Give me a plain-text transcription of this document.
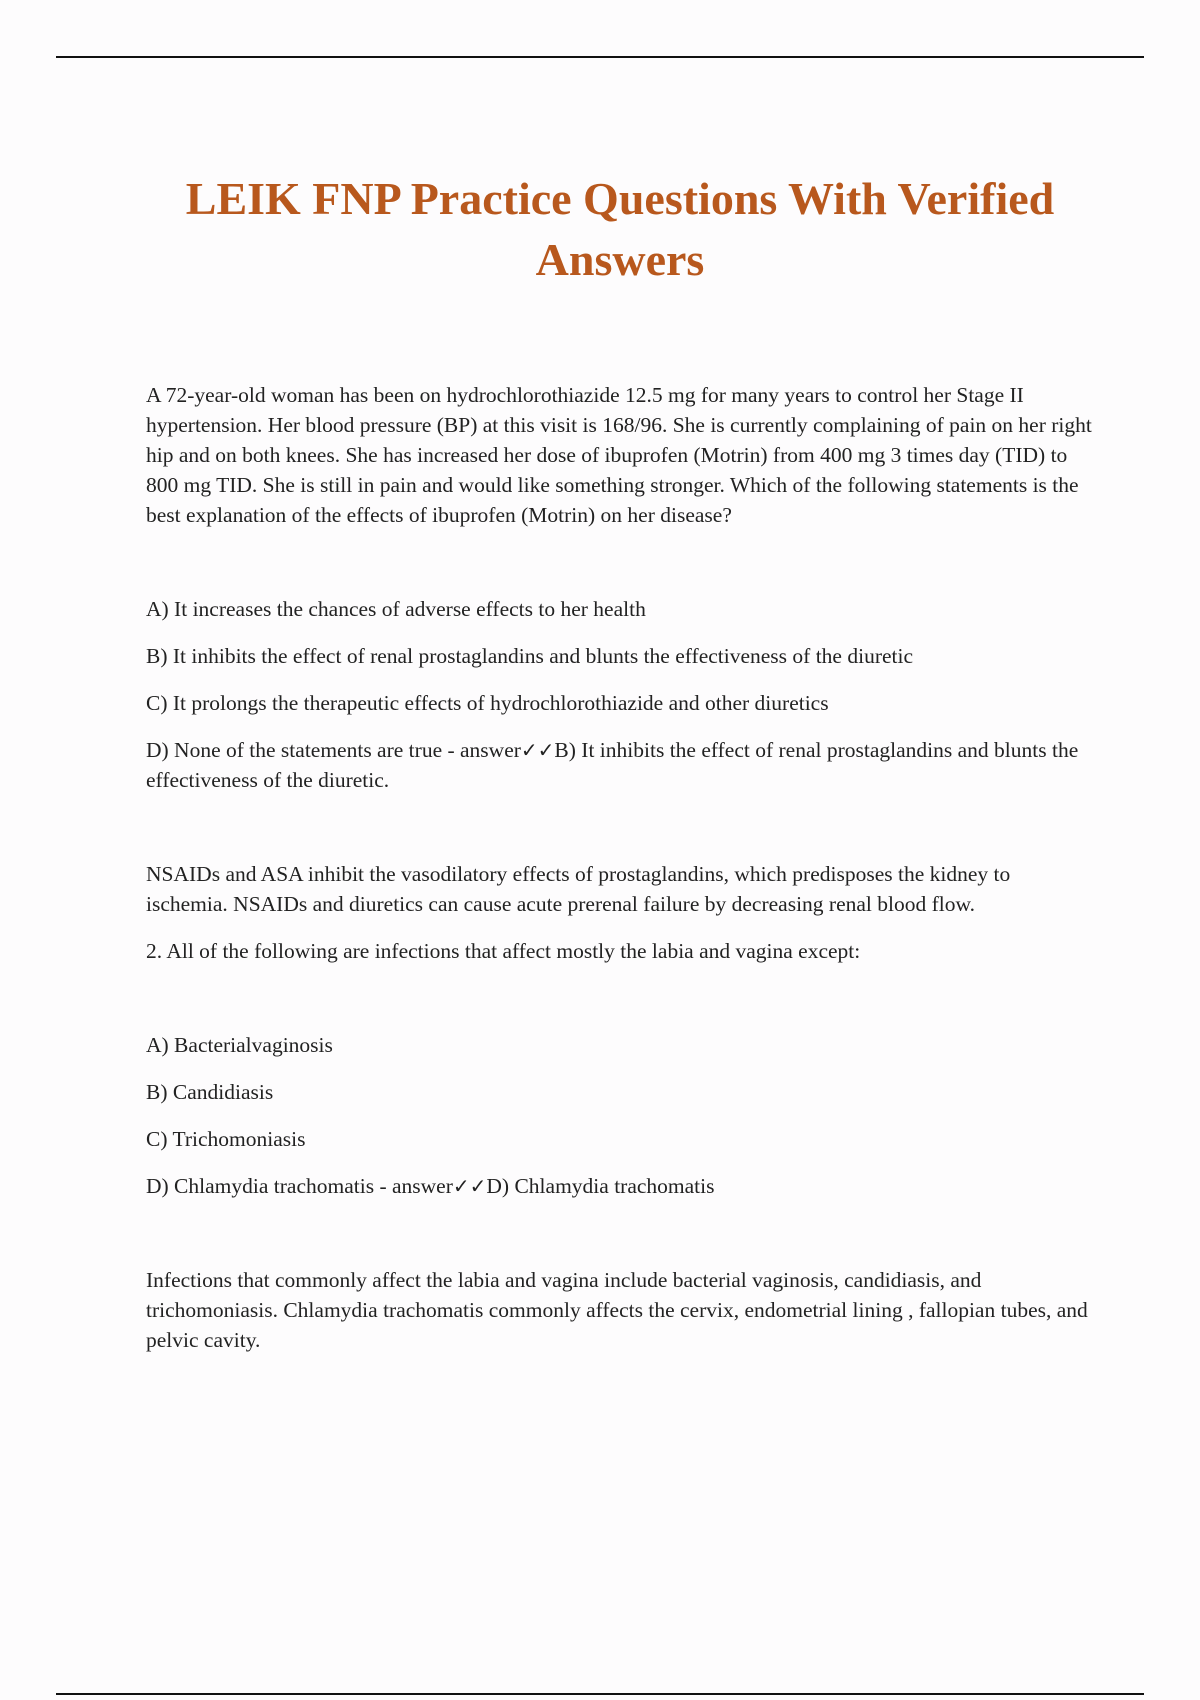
LEIK FNP Practice Questions With Verified Answers

A 72-year-old woman has been on hydrochlorothiazide 12.5 mg for many years to control her Stage II hypertension. Her blood pressure (BP) at this visit is 168/96. She is currently complaining of pain on her right hip and on both knees. She has increased her dose of ibuprofen (Motrin) from 400 mg 3 times day (TID) to 800 mg TID. She is still in pain and would like something stronger. Which of the following statements is the best explanation of the effects of ibuprofen (Motrin) on her disease?

A) It increases the chances of adverse effects to her health

B) It inhibits the effect of renal prostaglandins and blunts the effectiveness of the diuretic

C) It prolongs the therapeutic effects of hydrochlorothiazide and other diuretics

D) None of the statements are true - answer✓✓B) It inhibits the effect of renal prostaglandins and blunts the effectiveness of the diuretic.

NSAIDs and ASA inhibit the vasodilatory effects of prostaglandins, which predisposes the kidney to ischemia. NSAIDs and diuretics can cause acute prerenal failure by decreasing renal blood flow.

2. All of the following are infections that affect mostly the labia and vagina except:

A) Bacterialvaginosis

B) Candidiasis

C) Trichomoniasis

D) Chlamydia trachomatis - answer✓✓D) Chlamydia trachomatis

Infections that commonly affect the labia and vagina include bacterial vaginosis, candidiasis, and trichomoniasis. Chlamydia trachomatis commonly affects the cervix, endometrial lining , fallopian tubes, and pelvic cavity.
